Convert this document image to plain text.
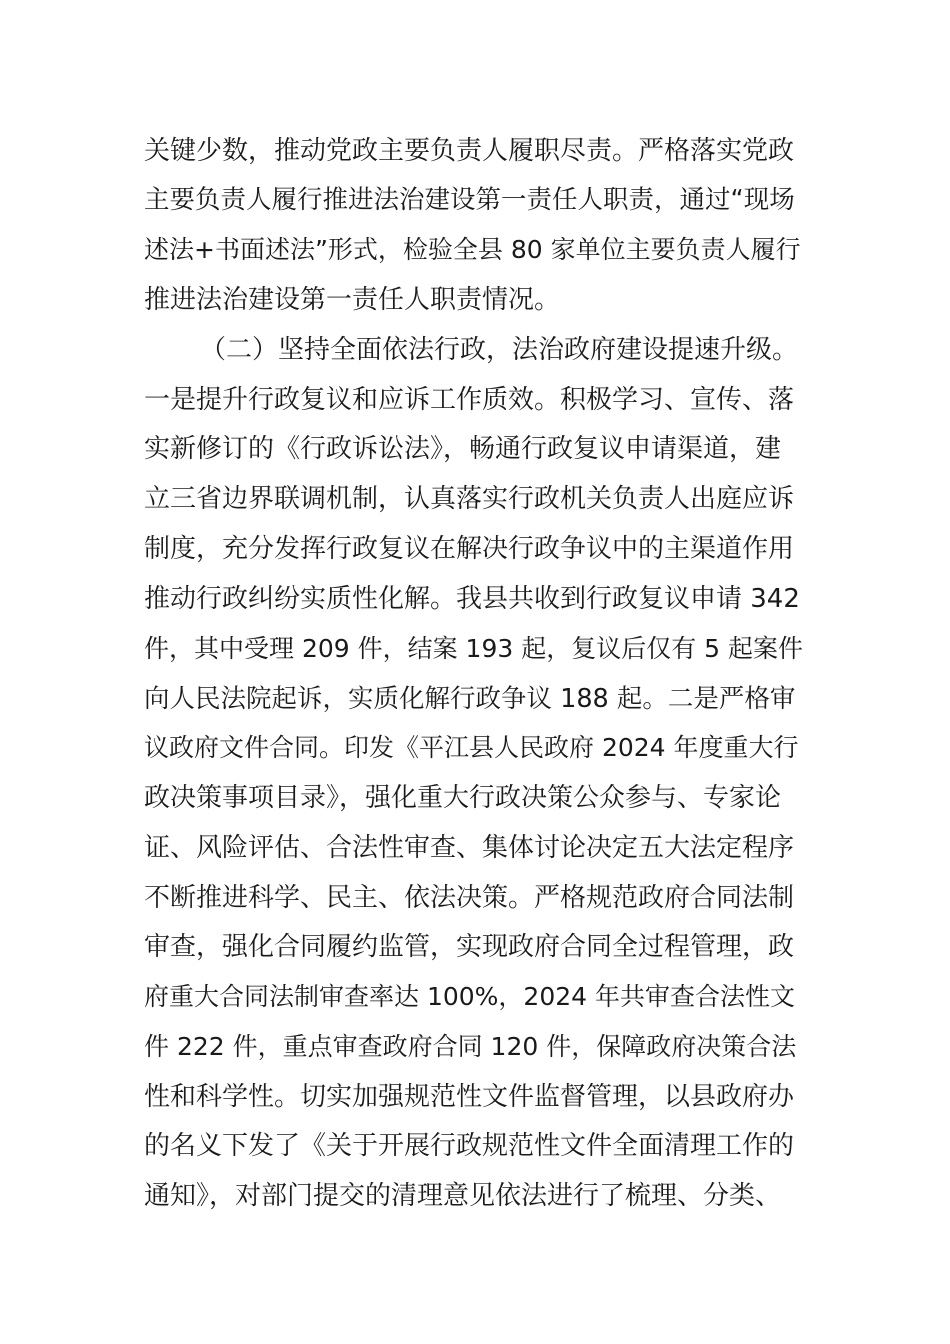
关键少数，推动党政主要负责人履职尽责。严格落实党政
主要负责人履行推进法治建设第一责任人职责，通过“现场
述法+书面述法”形式，检验全县 80 家单位主要负责人履行
推进法治建设第一责任人职责情况。
（二）坚持全面依法行政，法治政府建设提速升级。
一是提升行政复议和应诉工作质效。积极学习、宣传、落
实新修订的《行政诉讼法》，畅通行政复议申请渠道，建
立三省边界联调机制，认真落实行政机关负责人出庭应诉
制度，充分发挥行政复议在解决行政争议中的主渠道作用
推动行政纠纷实质性化解。我县共收到行政复议申请 342
件，其中受理 209 件，结案 193 起，复议后仅有 5 起案件
向人民法院起诉，实质化解行政争议 188 起。二是严格审
议政府文件合同。印发《平江县人民政府 2024 年度重大行
政决策事项目录》，强化重大行政决策公众参与、专家论
证、风险评估、合法性审查、集体讨论决定五大法定程序
不断推进科学、民主、依法决策。严格规范政府合同法制
审查，强化合同履约监管，实现政府合同全过程管理，政
府重大合同法制审查率达 100%，2024 年共审查合法性文
件 222 件，重点审查政府合同 120 件，保障政府决策合法
性和科学性。切实加强规范性文件监督管理，以县政府办
的名义下发了《关于开展行政规范性文件全面清理工作的
通知》，对部门提交的清理意见依法进行了梳理、分类、
